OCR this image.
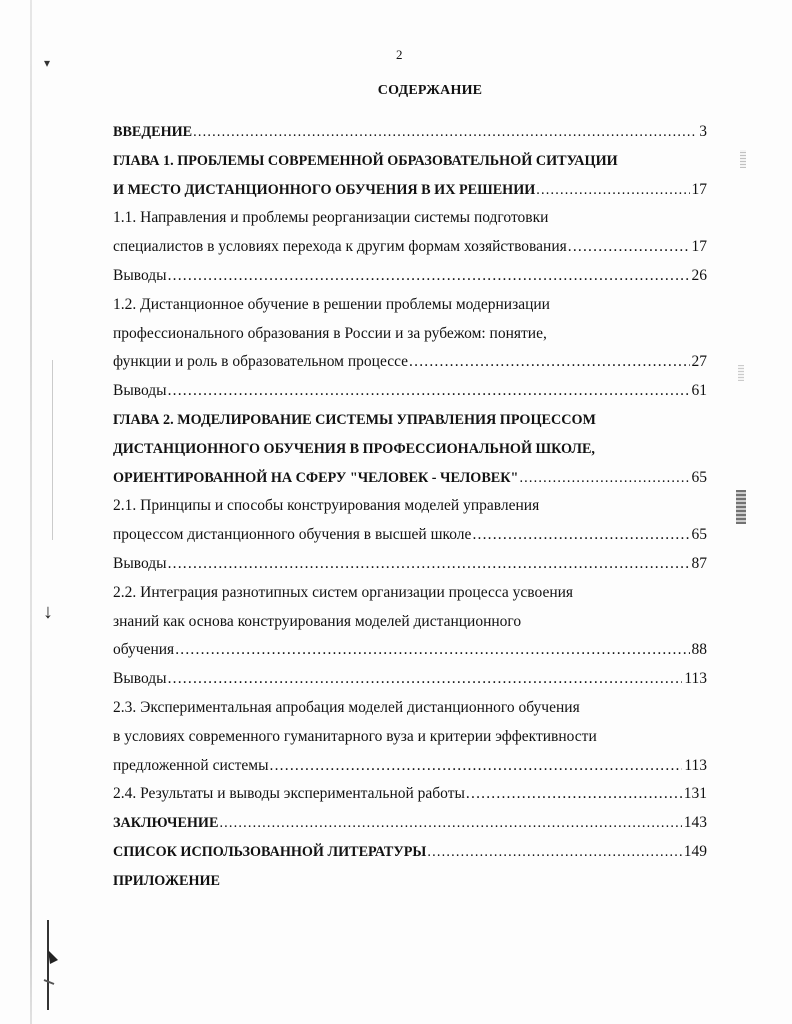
▾
↓
2
СОДЕРЖАНИЕ
ВВЕДЕНИЕ .....	3
ГЛАВА 1. ПРОБЛЕМЫ СОВРЕМЕННОЙ ОБРАЗОВАТЕЛЬНОЙ СИТУАЦИИ
И МЕСТО ДИСТАНЦИОННОГО ОБУЧЕНИЯ В ИХ РЕШЕНИИ .....	17
1.1. Направления и проблемы реорганизации системы подготовки
специалистов в условиях перехода к другим формам хозяйствования .....	17
Выводы .....	26
1.2. Дистанционное обучение в решении проблемы модернизации
профессионального образования в России и за рубежом: понятие,
функции и роль в образовательном процессе .....	27
Выводы .....	61
ГЛАВА 2. МОДЕЛИРОВАНИЕ СИСТЕМЫ УПРАВЛЕНИЯ ПРОЦЕССОМ
ДИСТАНЦИОННОГО ОБУЧЕНИЯ В ПРОФЕССИОНАЛЬНОЙ ШКОЛЕ,
ОРИЕНТИРОВАННОЙ НА СФЕРУ "ЧЕЛОВЕК - ЧЕЛОВЕК" .....	65
2.1. Принципы и способы конструирования моделей управления
процессом дистанционного обучения в высшей школе .....	65
Выводы .....	87
2.2. Интеграция разнотипных систем организации процесса усвоения
знаний как основа конструирования моделей дистанционного
обучения .....	88
Выводы .....	113
2.3. Экспериментальная апробация моделей дистанционного обучения
в условиях современного гуманитарного вуза и критерии эффективности
предложенной системы .....	113
2.4. Результаты и выводы экспериментальной работы .....	131
ЗАКЛЮЧЕНИЕ .....	143
СПИСОК ИСПОЛЬЗОВАННОЙ ЛИТЕРАТУРЫ .....	149
ПРИЛОЖЕНИЕ
